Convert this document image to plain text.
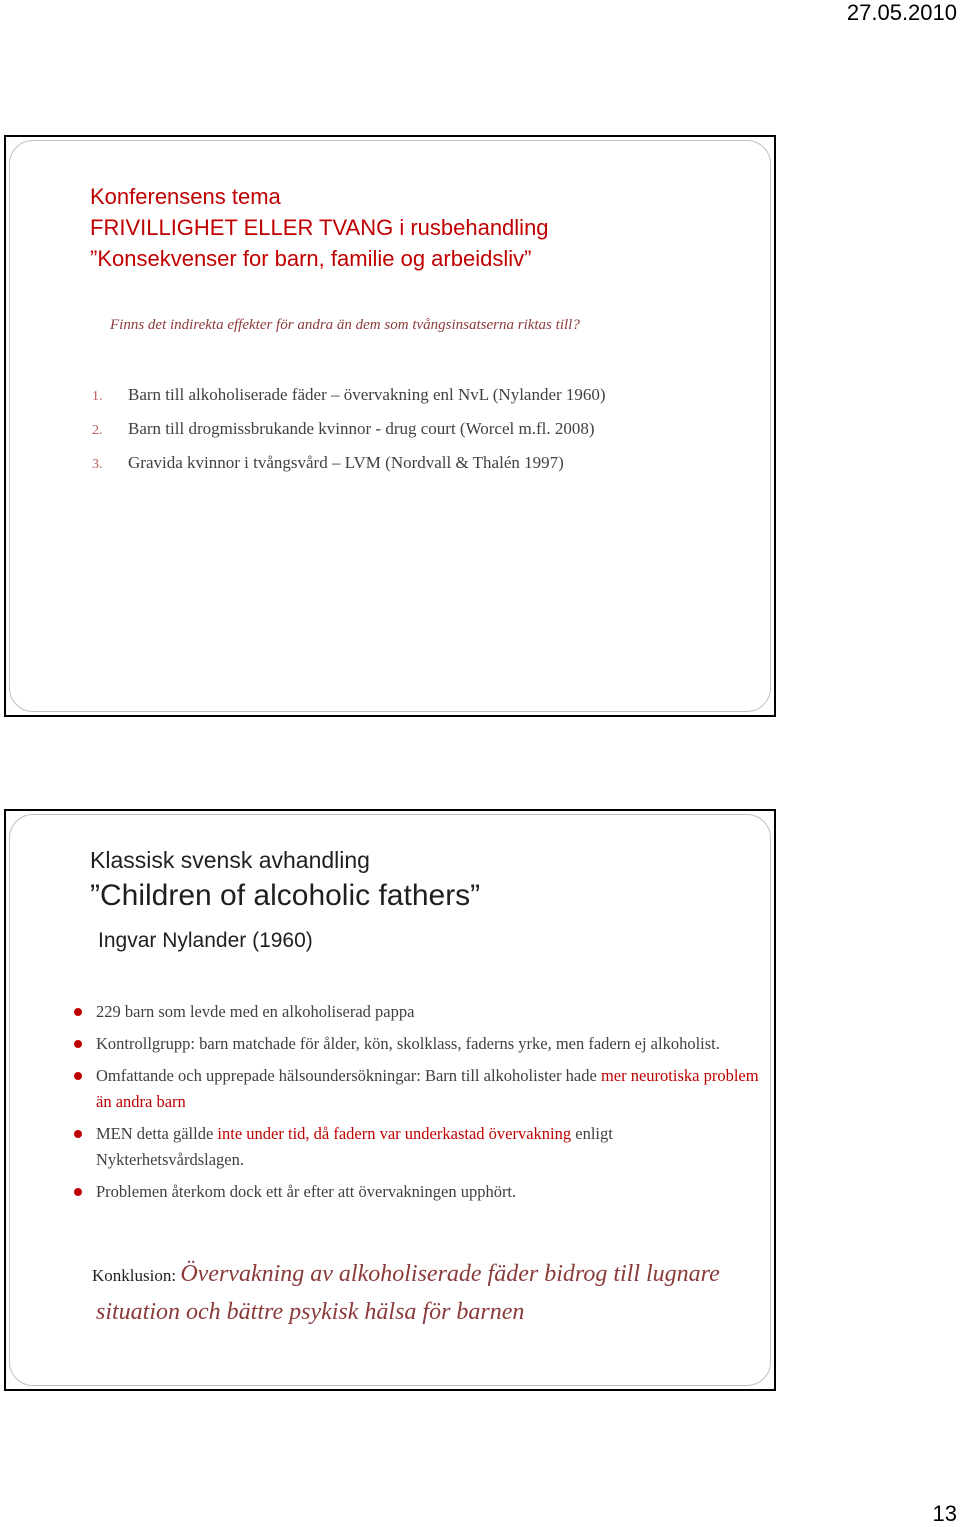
27.05.2010

Konferensens tema

FRIVILLIGHET ELLER TVANG i rusbehandling

”Konsekvenser for barn, familie og arbeidsliv”

Finns det indirekta effekter för andra än dem som tvångsinsatserna riktas till?

1. Barn till alkoholiserade fäder – övervakning enl NvL (Nylander 1960)
2. Barn till drogmissbrukande kvinnor - drug court (Worcel m.fl. 2008)
3. Gravida kvinnor i tvångsvård – LVM (Nordvall & Thalén 1997)

Klassisk svensk avhandling

”Children of alcoholic fathers”

Ingvar Nylander (1960)

229 barn som levde med en alkoholiserad pappa
Kontrollgrupp: barn matchade för ålder, kön, skolklass, faderns yrke, men fadern ej alkoholist.
Omfattande och upprepade hälsoundersökningar: Barn till alkoholister hade mer neurotiska problem än andra barn
MEN detta gällde inte under tid, då fadern var underkastad övervakning enligt Nykterhetsvårdslagen.
Problemen återkom dock ett år efter att övervakningen upphört.

Konklusion: Övervakning av alkoholiserade fäder bidrog till lugnare

situation och bättre psykisk hälsa för barnen

13
